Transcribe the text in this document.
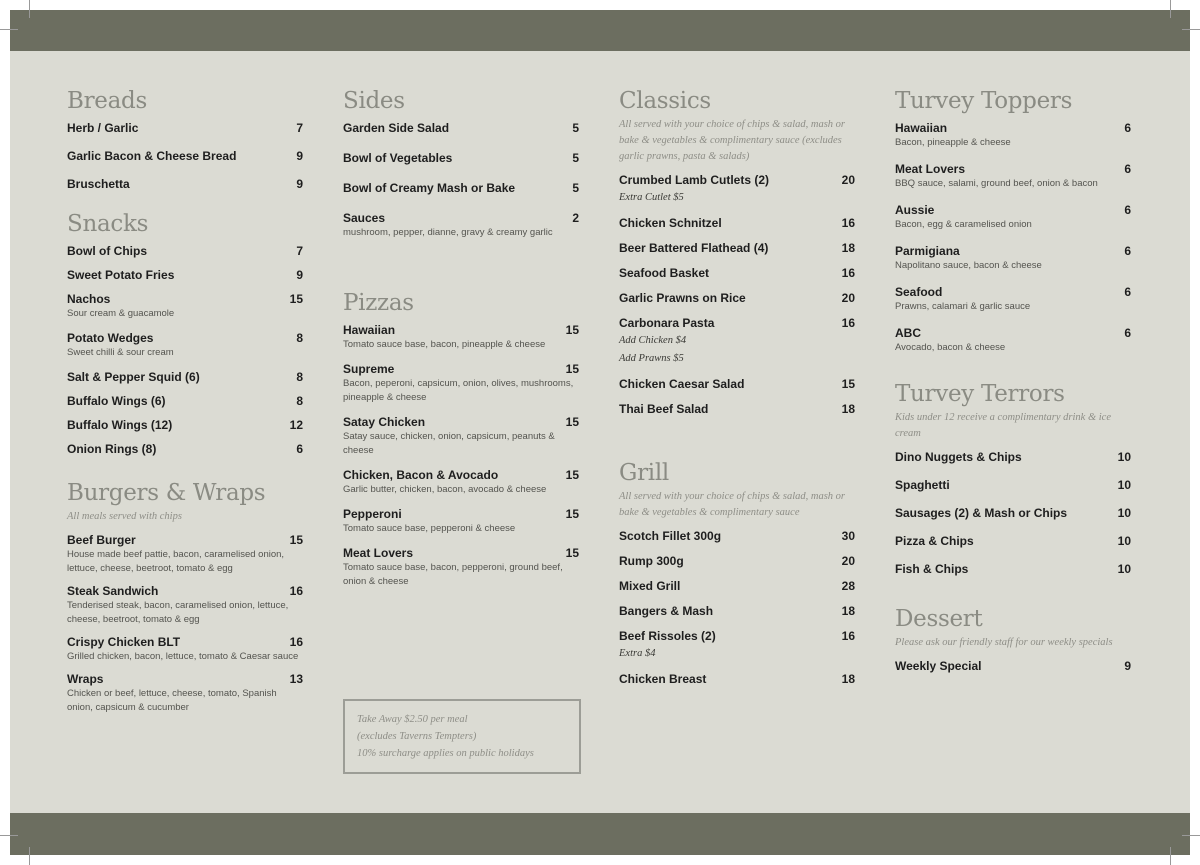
Breads
Herb / Garlic	7
Garlic Bacon & Cheese Bread	9
Bruschetta	9
Snacks
Bowl of Chips	7
Sweet Potato Fries	9
Nachos	15
Sour cream & guacamole
Potato Wedges	8
Sweet chilli & sour cream
Salt & Pepper Squid (6)	8
Buffalo Wings (6)	8
Buffalo Wings (12)	12
Onion Rings (8)	6
Burgers & Wraps
All meals served with chips
Beef Burger	15
House made beef pattie, bacon, caramelised onion, lettuce, cheese, beetroot, tomato & egg
Steak Sandwich	16
Tenderised steak, bacon, caramelised onion, lettuce, cheese, beetroot, tomato & egg
Crispy Chicken BLT	16
Grilled chicken, bacon, lettuce, tomato & Caesar sauce
Wraps	13
Chicken or beef, lettuce, cheese, tomato, Spanish onion, capsicum & cucumber
Sides
Garden Side Salad	5
Bowl of Vegetables	5
Bowl of Creamy Mash or Bake	5
Sauces	2
mushroom, pepper, dianne, gravy & creamy garlic
Pizzas
Hawaiian	15
Tomato sauce base, bacon, pineapple & cheese
Supreme	15
Bacon, peperoni, capsicum, onion, olives, mushrooms, pineapple & cheese
Satay Chicken	15
Satay sauce, chicken, onion, capsicum, peanuts & cheese
Chicken, Bacon & Avocado	15
Garlic butter, chicken, bacon, avocado & cheese
Pepperoni	15
Tomato sauce base, pepperoni & cheese
Meat Lovers	15
Tomato sauce base, bacon, pepperoni, ground beef, onion & cheese
Take Away $2.50 per meal
(excludes Taverns Tempters)
10% surcharge applies on public holidays
Classics
All served with your choice of chips & salad, mash or bake & vegetables & complimentary sauce (excludes garlic prawns, pasta & salads)
Crumbed Lamb Cutlets (2)	20
Extra Cutlet $5
Chicken Schnitzel	16
Beer Battered Flathead (4)	18
Seafood Basket	16
Garlic Prawns on Rice	20
Carbonara Pasta	16
Add Chicken $4
Add Prawns $5
Chicken Caesar Salad	15
Thai Beef Salad	18
Grill
All served with your choice of chips & salad, mash or bake & vegetables & complimentary sauce
Scotch Fillet 300g	30
Rump 300g	20
Mixed Grill	28
Bangers & Mash	18
Beef Rissoles (2)	16
Extra $4
Chicken Breast	18
Turvey Toppers
Hawaiian	6
Bacon, pineapple & cheese
Meat Lovers	6
BBQ sauce, salami, ground beef, onion & bacon
Aussie	6
Bacon, egg & caramelised onion
Parmigiana	6
Napolitano sauce, bacon & cheese
Seafood	6
Prawns, calamari & garlic sauce
ABC	6
Avocado, bacon & cheese
Turvey Terrors
Kids under 12 receive a complimentary drink & ice cream
Dino Nuggets & Chips	10
Spaghetti	10
Sausages (2) & Mash or Chips	10
Pizza & Chips	10
Fish & Chips	10
Dessert
Please ask our friendly staff for our weekly specials
Weekly Special	9
